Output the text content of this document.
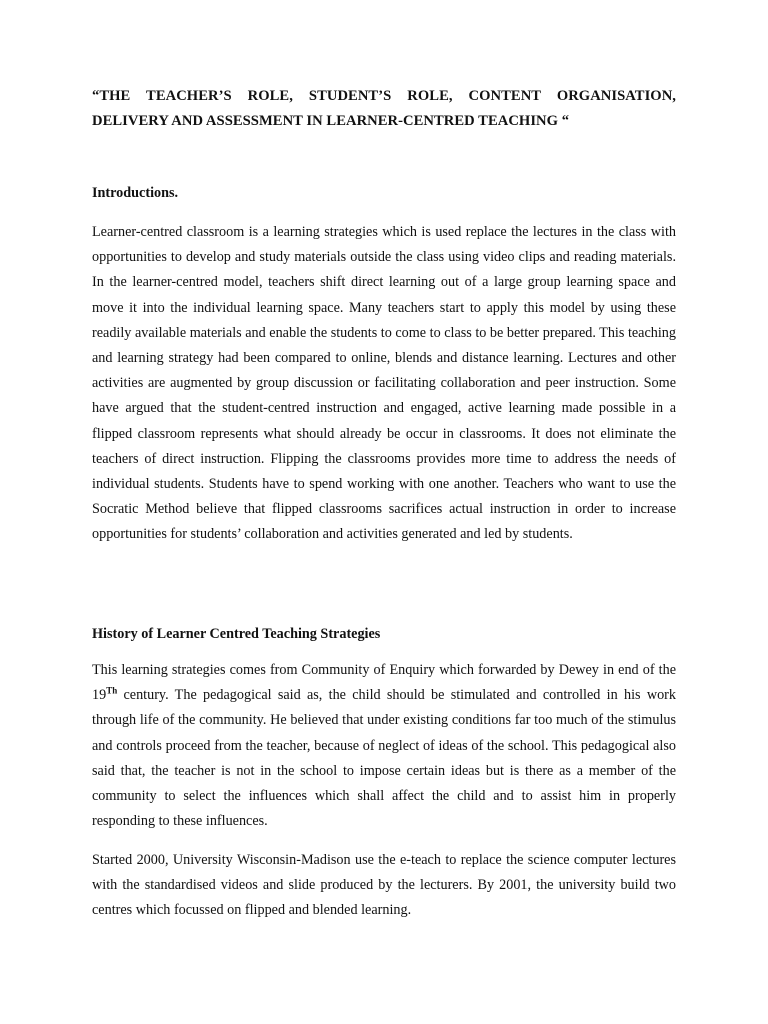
“THE TEACHER’S ROLE, STUDENT’S ROLE, CONTENT ORGANISATION,
DELIVERY AND ASSESSMENT IN LEARNER-CENTRED TEACHING “
Introductions.

Learner-centred classroom is a learning strategies which is used replace the lectures in the class with opportunities to develop and study materials outside the class using video clips and reading materials. In the learner-centred model, teachers shift direct learning out of a large group learning space and move it into the individual learning space. Many teachers start to apply this model by using these readily available materials and enable the students to come to class to be better prepared. This teaching and learning strategy had been compared to online, blends and distance learning. Lectures and other activities are augmented by group discussion or facilitating collaboration and peer instruction. Some have argued that the student-centred instruction and engaged, active learning made possible in a flipped classroom represents what should already be occur in classrooms. It does not eliminate the teachers of direct instruction. Flipping the classrooms provides more time to address the needs of individual students. Students have to spend working with one another. Teachers who want to use the Socratic Method believe that flipped classrooms sacrifices actual instruction in order to increase opportunities for students’ collaboration and activities generated and led by students.

History of Learner Centred Teaching Strategies

This learning strategies comes from Community of Enquiry which forwarded by Dewey in end of the 19Th century. The pedagogical said as, the child should be stimulated and controlled in his work through life of the community. He believed that under existing conditions far too much of the stimulus and controls proceed from the teacher, because of neglect of ideas of the school. This pedagogical also said that, the teacher is not in the school to impose certain ideas but is there as a member of the community to select the influences which shall affect the child and to assist him in properly responding to these influences.

Started 2000, University Wisconsin-Madison use the e-teach to replace the science computer lectures with the standardised videos and slide produced by the lecturers. By 2001, the university build two centres which focussed on flipped and blended learning.
